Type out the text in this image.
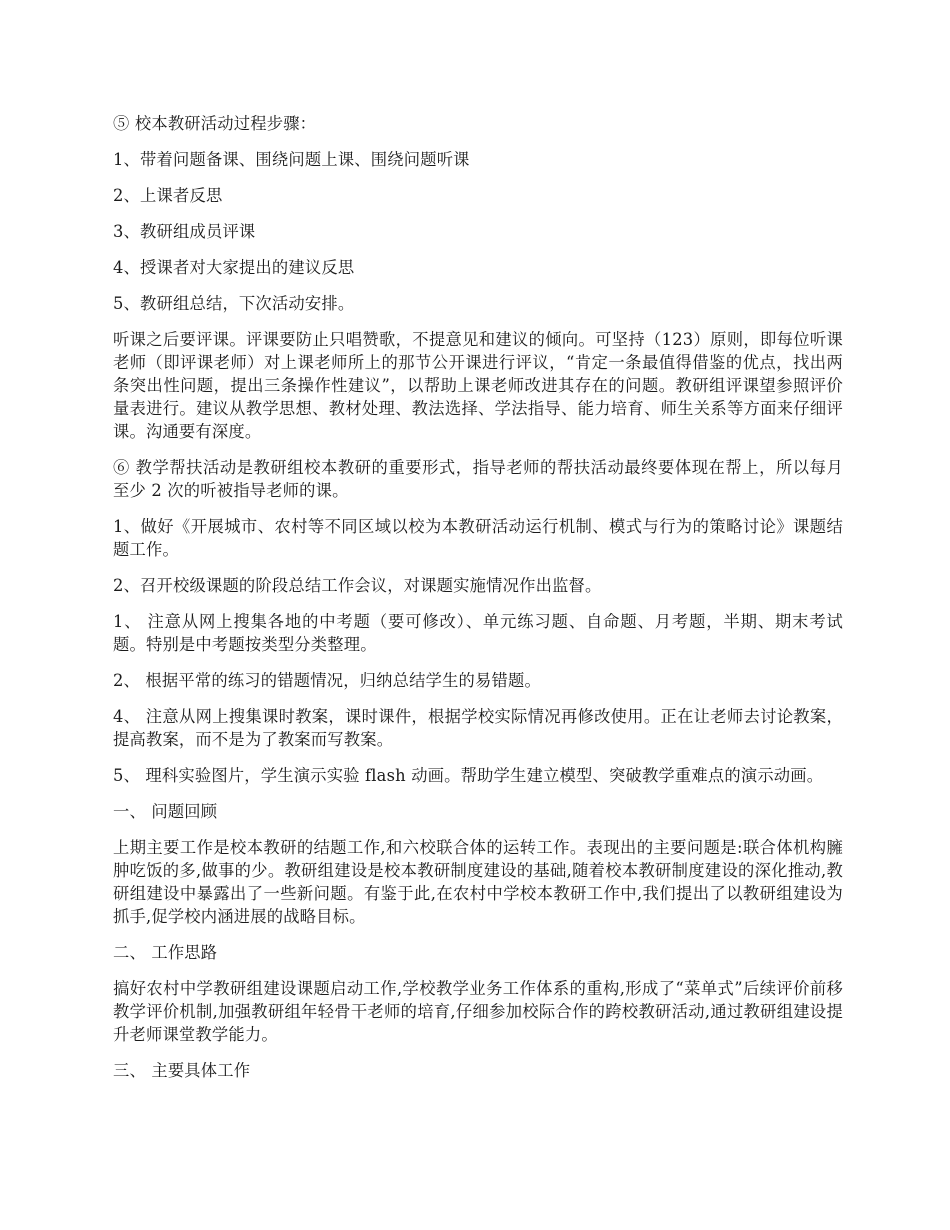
⑤ 校本教研活动过程步骤：

1、带着问题备课、围绕问题上课、围绕问题听课

2、上课者反思

3、教研组成员评课

4、授课者对大家提出的建议反思

5、教研组总结，下次活动安排。

听课之后要评课。评课要防止只唱赞歌，不提意见和建议的倾向。可坚持（123）原则，即每位听课老师（即评课老师）对上课老师所上的那节公开课进行评议，“肯定一条最值得借鉴的优点，找出两条突出性问题，提出三条操作性建议”，以帮助上课老师改进其存在的问题。教研组评课望参照评价量表进行。建议从教学思想、教材处理、教法选择、学法指导、能力培育、师生关系等方面来仔细评课。沟通要有深度。

⑥ 教学帮扶活动是教研组校本教研的重要形式，指导老师的帮扶活动最终要体现在帮上，所以每月至少 2 次的听被指导老师的课。

1、做好《开展城市、农村等不同区域以校为本教研活动运行机制、模式与行为的策略讨论》课题结题工作。

2、召开校级课题的阶段总结工作会议，对课题实施情况作出监督。

1、 注意从网上搜集各地的中考题（要可修改）、单元练习题、自命题、月考题，半期、期末考试题。特别是中考题按类型分类整理。

2、 根据平常的练习的错题情况，归纳总结学生的易错题。

4、 注意从网上搜集课时教案，课时课件，根据学校实际情况再修改使用。正在让老师去讨论教案，提高教案，而不是为了教案而写教案。

5、 理科实验图片，学生演示实验 flash 动画。帮助学生建立模型、突破教学重难点的演示动画。

一、 问题回顾

上期主要工作是校本教研的结题工作,和六校联合体的运转工作。表现出的主要问题是:联合体机构臃肿吃饭的多,做事的少。教研组建设是校本教研制度建设的基础,随着校本教研制度建设的深化推动,教研组建设中暴露出了一些新问题。有鉴于此,在农村中学校本教研工作中,我们提出了以教研组建设为抓手,促学校内涵进展的战略目标。

二、 工作思路

搞好农村中学教研组建设课题启动工作,学校教学业务工作体系的重构,形成了“菜单式”后续评价前移教学评价机制,加强教研组年轻骨干老师的培育,仔细参加校际合作的跨校教研活动,通过教研组建设提升老师课堂教学能力。

三、 主要具体工作
